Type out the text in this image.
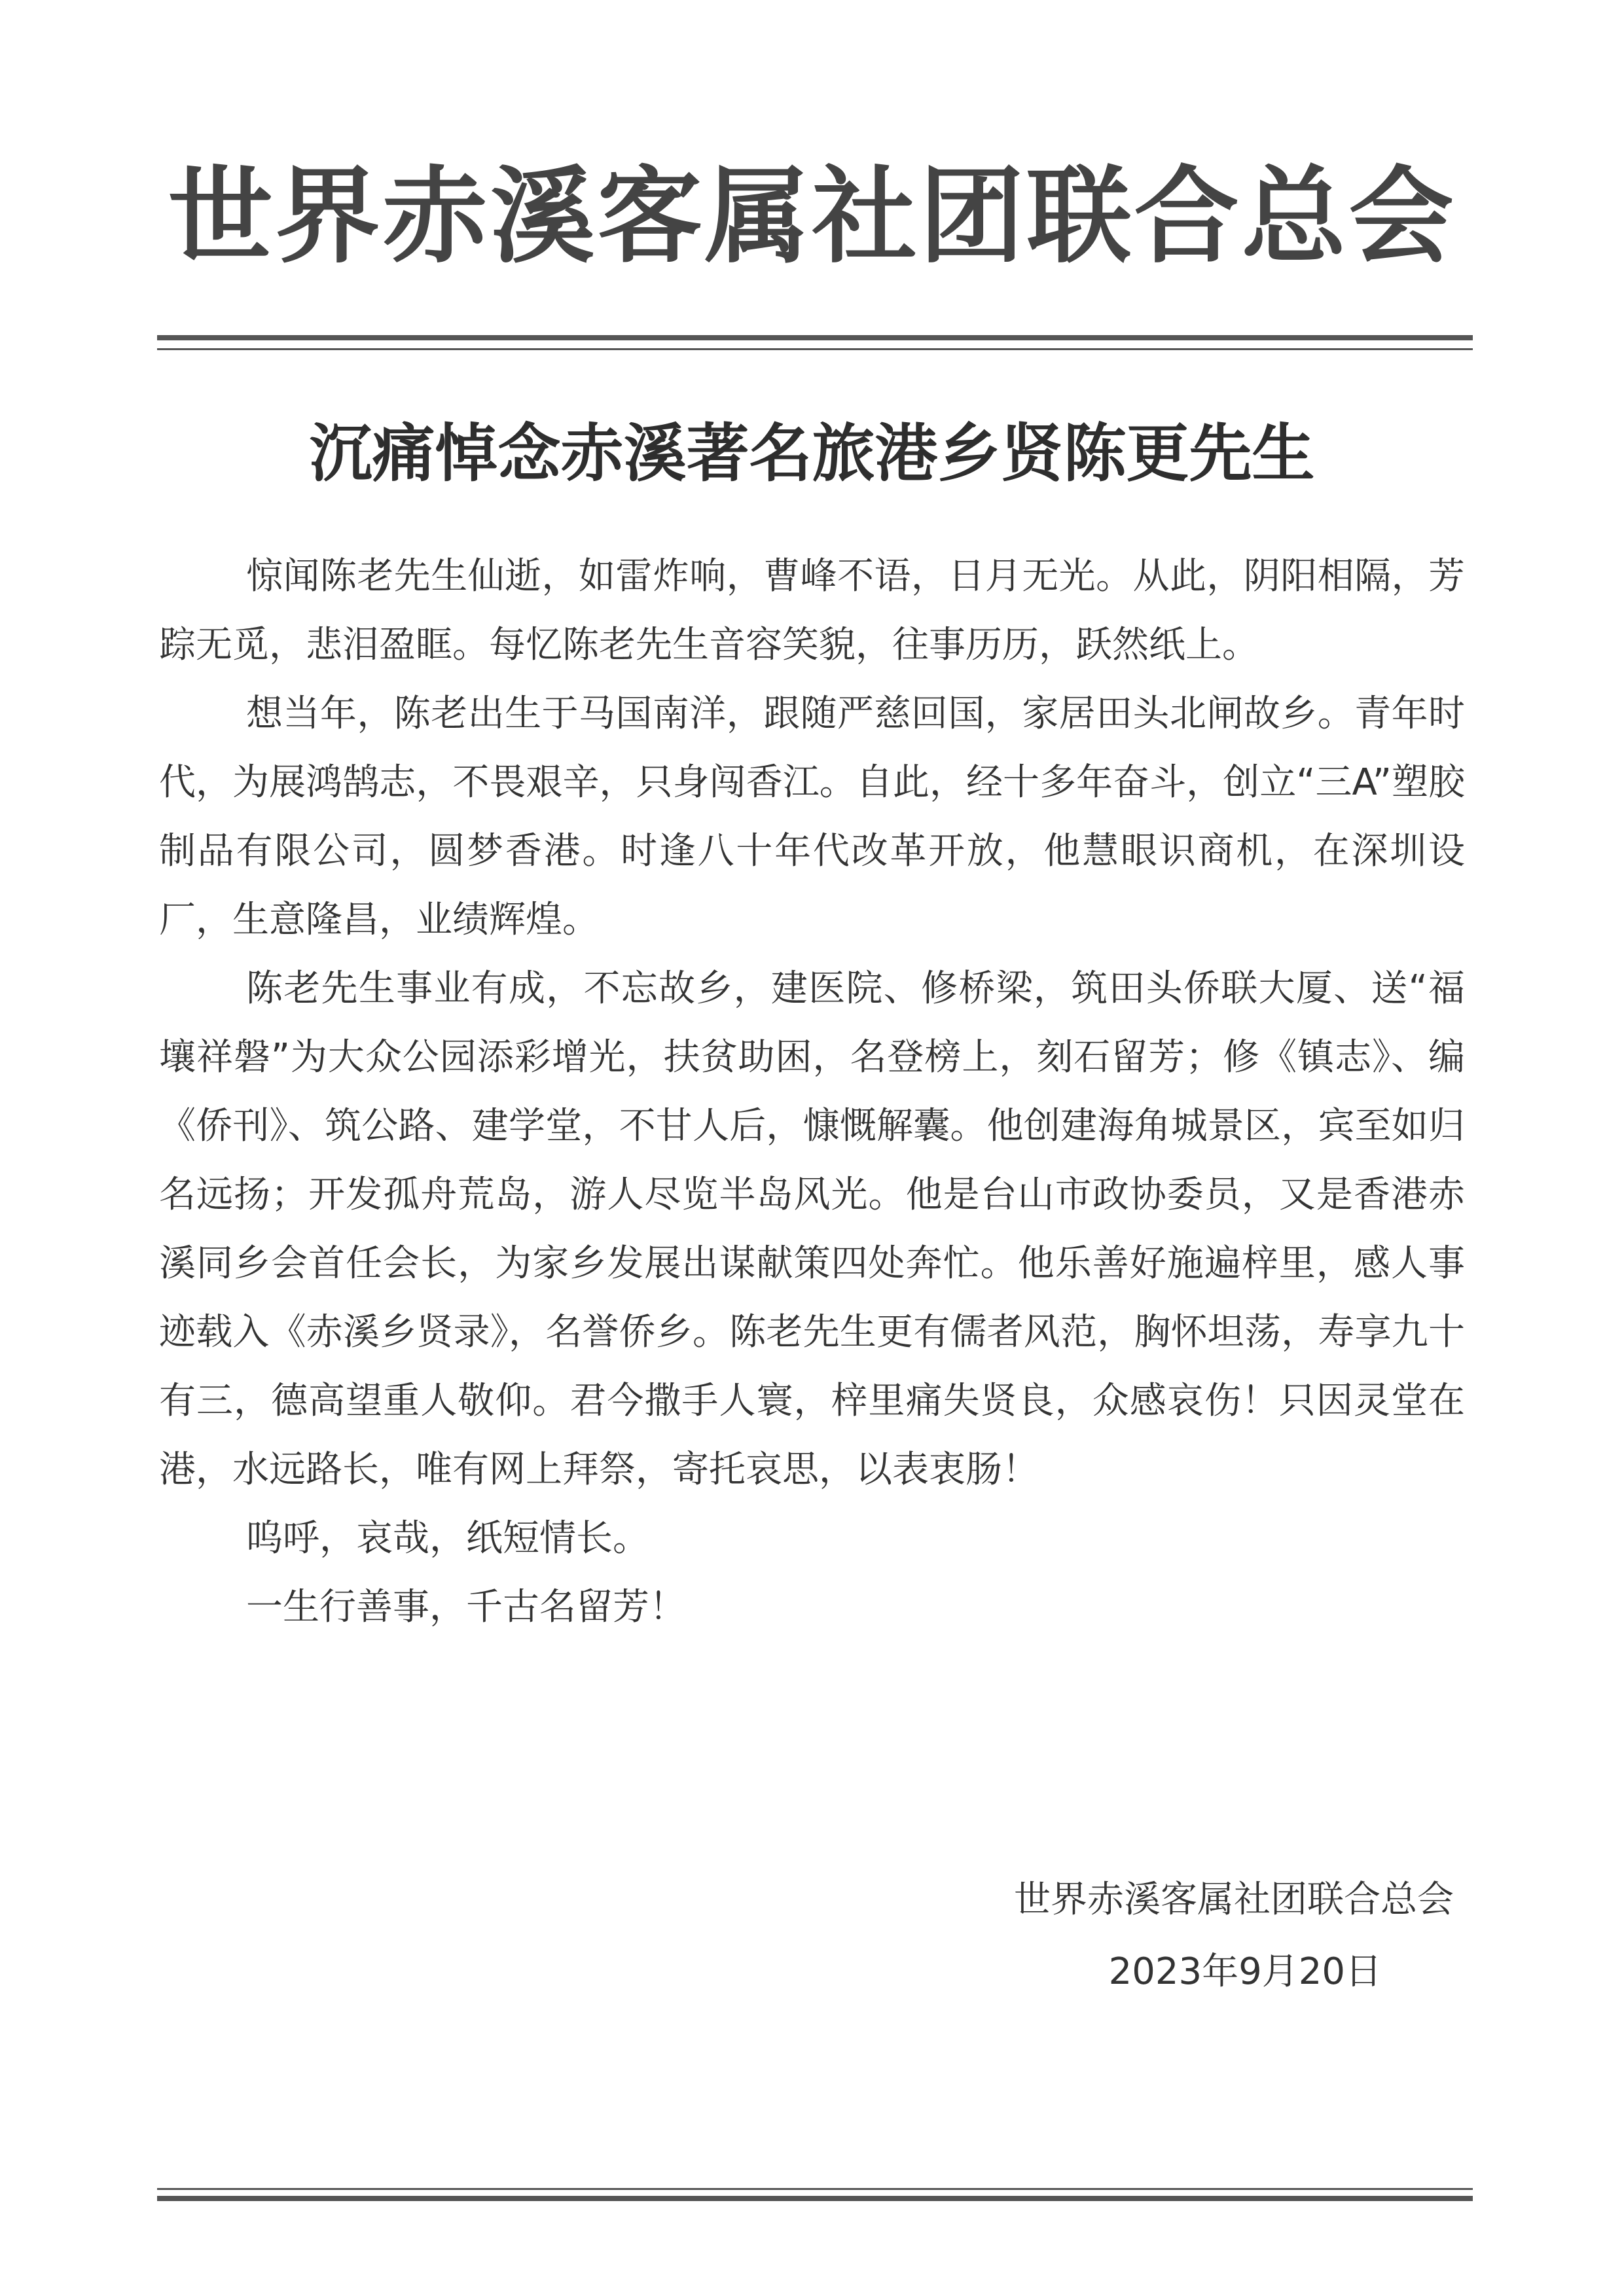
世界赤溪客属社团联合总会
沉痛悼念赤溪著名旅港乡贤陈更先生

惊闻陈老先生仙逝，如雷炸响，曹峰不语，日月无光。从此，阴阳相隔，芳踪无觅，悲泪盈眶。每忆陈老先生音容笑貌，往事历历，跃然纸上。

想当年，陈老出生于马国南洋，跟随严慈回国，家居田头北闸故乡。青年时代，为展鸿鹄志，不畏艰辛，只身闯香江。自此，经十多年奋斗，创立“三A”塑胶制品有限公司，圆梦香港。时逢八十年代改革开放，他慧眼识商机，在深圳设厂，生意隆昌，业绩辉煌。

陈老先生事业有成，不忘故乡，建医院、修桥梁，筑田头侨联大厦、送“福壤祥磐”为大众公园添彩增光，扶贫助困，名登榜上，刻石留芳；修《镇志》、编《侨刊》、筑公路、建学堂，不甘人后，慷慨解囊。他创建海角城景区，宾至如归名远扬；开发孤舟荒岛，游人尽览半岛风光。他是台山市政协委员，又是香港赤溪同乡会首任会长，为家乡发展出谋献策四处奔忙。他乐善好施遍梓里，感人事迹载入《赤溪乡贤录》，名誉侨乡。陈老先生更有儒者风范，胸怀坦荡，寿享九十有三，德高望重人敬仰。君今撒手人寰，梓里痛失贤良，众感哀伤！只因灵堂在港，水远路长，唯有网上拜祭，寄托哀思，以表衷肠！

呜呼，哀哉，纸短情长。

一生行善事，千古名留芳！

世界赤溪客属社团联合总会
2023年9月20日
